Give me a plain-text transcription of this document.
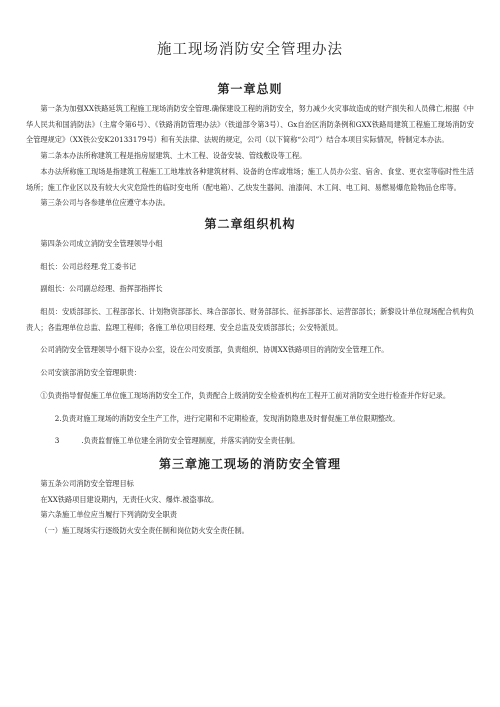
施工现场消防安全管理办法
第一章总则

第一条为加强XX铁路延筑工程施工现场消防安全管理.确保建设工程的消防安全，努力减少火灾事故造成的财产损失和人员佛亡,根据《中华人民共和国消防法》（主席令第6号）、《铁路消防管理办法》（铁道部令第3号）、Gx自治区消防条例和GXX铁路局建筑工程施工现场消防安全管理规定》（XX铁公安K20133179号）和有关法律、法规的规定，公司（以下简称“公司”）结合本项目实际情况，特制定本办法。

第二条本办法所称建筑工程是指房屋建筑、土木工程、设备安装、管线敷设等工程。

本办法所称施工现场是指建筑工程施工工地堆放各种建筑材料、设备的仓库或堆场；施工人员办公室、宿舍、食堂、更衣室等临时性生活场所；施工作业区以及有较大火灾危险性的临时变电所（配电箱）、乙炔发生器间、油漆间、木工间、电工间、易燃易爆危险物品仓库等。

第三条公司与各参建单位应遵守本办法。

第二章组织机构

第四条公司成立消防安全管理领导小组

组长：公司总经理.党工委书记

副组长：公司副总经理、指挥部指挥长

组员：安质部部长、工程部部长、计划物资部部长、珠合部部长、财务部部长、征拆部部长、运营部部长；新黎设计单位现场配合机构负责人；各监理单位总监、监理工程师；各施工单位项目经理、安全总监及安质部部长；公安特派员。

公司消防安全管理领导小细下设办公室，设在公司安质部，负责组织、协调XX铁路项目的消防安全管理工作。

公司安演部消防安全管理职贵：

①负责指导督促施工单位施工现场消防安全工作，负责配合上级消防安全检查机构在工程开工前对消防安全进行检查并作好记录。

2.负责对施工现场的消防安全生产工作，进行定期和不定期检查，发现消防隐患及时督促施工单位限期整改。

3	.负责监督施工单位建全消防安全管理制度，并落实消防安全责任制。

第三章施工现场的消防安全管理

第五条公司消防安全管理目标

在XX铁路项目建设期内，无责任火灾、爆炸.被盗事故。

第六条施工单位应当履行下列消防安全职责

（一）施工现场实行逐级防火安全责任制和岗位防火安全责任制。
